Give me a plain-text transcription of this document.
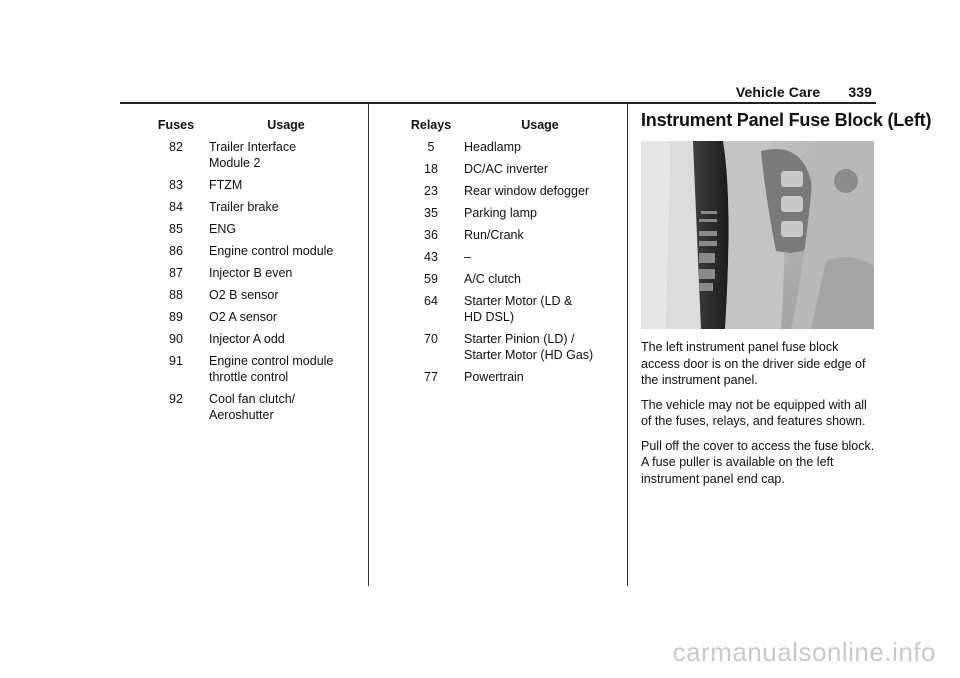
Vehicle Care 339
Fuses	Usage
82	Trailer Interface
Module 2
83	FTZM
84	Trailer brake
85	ENG
86	Engine control module
87	Injector B even
88	O2 B sensor
89	O2 A sensor
90	Injector A odd
91	Engine control module
throttle control
92	Cool fan clutch/
Aeroshutter
Relays	Usage
5	Headlamp
18	DC/AC inverter
23	Rear window defogger
35	Parking lamp
36	Run/Crank
43	–
59	A/C clutch
64	Starter Motor (LD &
HD DSL)
70	Starter Pinion (LD) /
Starter Motor (HD Gas)
77	Powertrain
Instrument Panel Fuse Block (Left)

The left instrument panel fuse block access door is on the driver side edge of the instrument panel.

The vehicle may not be equipped with all of the fuses, relays, and features shown.

Pull off the cover to access the fuse block. A fuse puller is available on the left instrument panel end cap.

carmanualsonline.info
